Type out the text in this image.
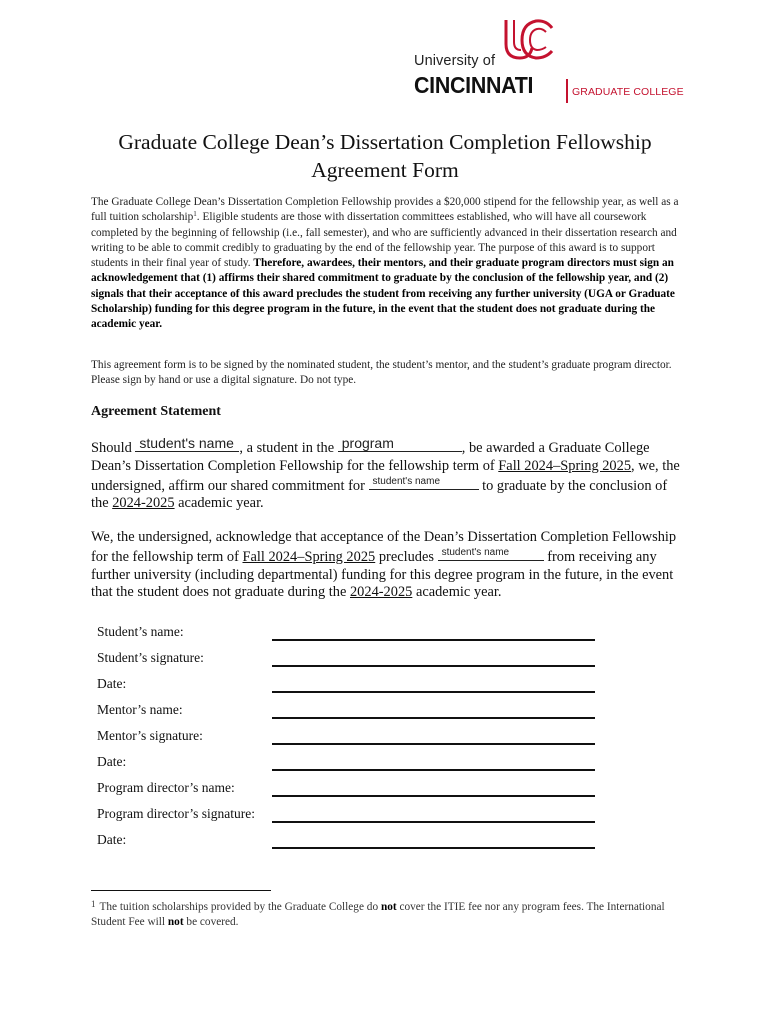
University of
CINCINNATI	GRADUATE COLLEGE
Graduate College Dean’s Dissertation Completion Fellowship
Agreement Form
The Graduate College Dean’s Dissertation Completion Fellowship provides a $20,000 stipend for the fellowship year, as well as a full tuition scholarship$^1$. Eligible students are those with dissertation committees established, who will have all coursework completed by the beginning of fellowship (i.e., fall semester), and who are sufficiently advanced in their dissertation research and writing to be able to commit credibly to graduating by the end of the fellowship year. The purpose of this award is to support students in their final year of study. Therefore, awardees, their mentors, and their graduate program directors must sign an acknowledgement that (1) affirms their shared commitment to graduate by the conclusion of the fellowship year, and (2) signals that their acceptance of this award precludes the student from receiving any further university (UGA or Graduate Scholarship) funding for this degree program in the future, in the event that the student does not graduate during the academic year.
This agreement form is to be signed by the nominated student, the student’s mentor, and the student’s graduate program director. Please sign by hand or use a digital signature. Do not type.
Agreement Statement
Should student's name , a student in the program	, be awarded a Graduate College Dean’s Dissertation Completion Fellowship for the fellowship term of Fall 2024–Spring 2025, we, the undersigned, affirm our shared commitment for student's name	to graduate by the conclusion of the 2024-2025 academic year.
We, the undersigned, acknowledge that acceptance of the Dean’s Dissertation Completion Fellowship for the fellowship term of Fall 2024–Spring 2025 precludes student's name	from receiving any further university (including departmental) funding for this degree program in the future, in the event that the student does not graduate during the 2024-2025 academic year.
Student’s name:
Student’s signature:
Date:
Mentor’s name:
Mentor’s signature:
Date:
Program director’s name:
Program director’s signature:
Date:
$^1$ The tuition scholarships provided by the Graduate College do not cover the ITIE fee nor any program fees. The International Student Fee will not be covered.
